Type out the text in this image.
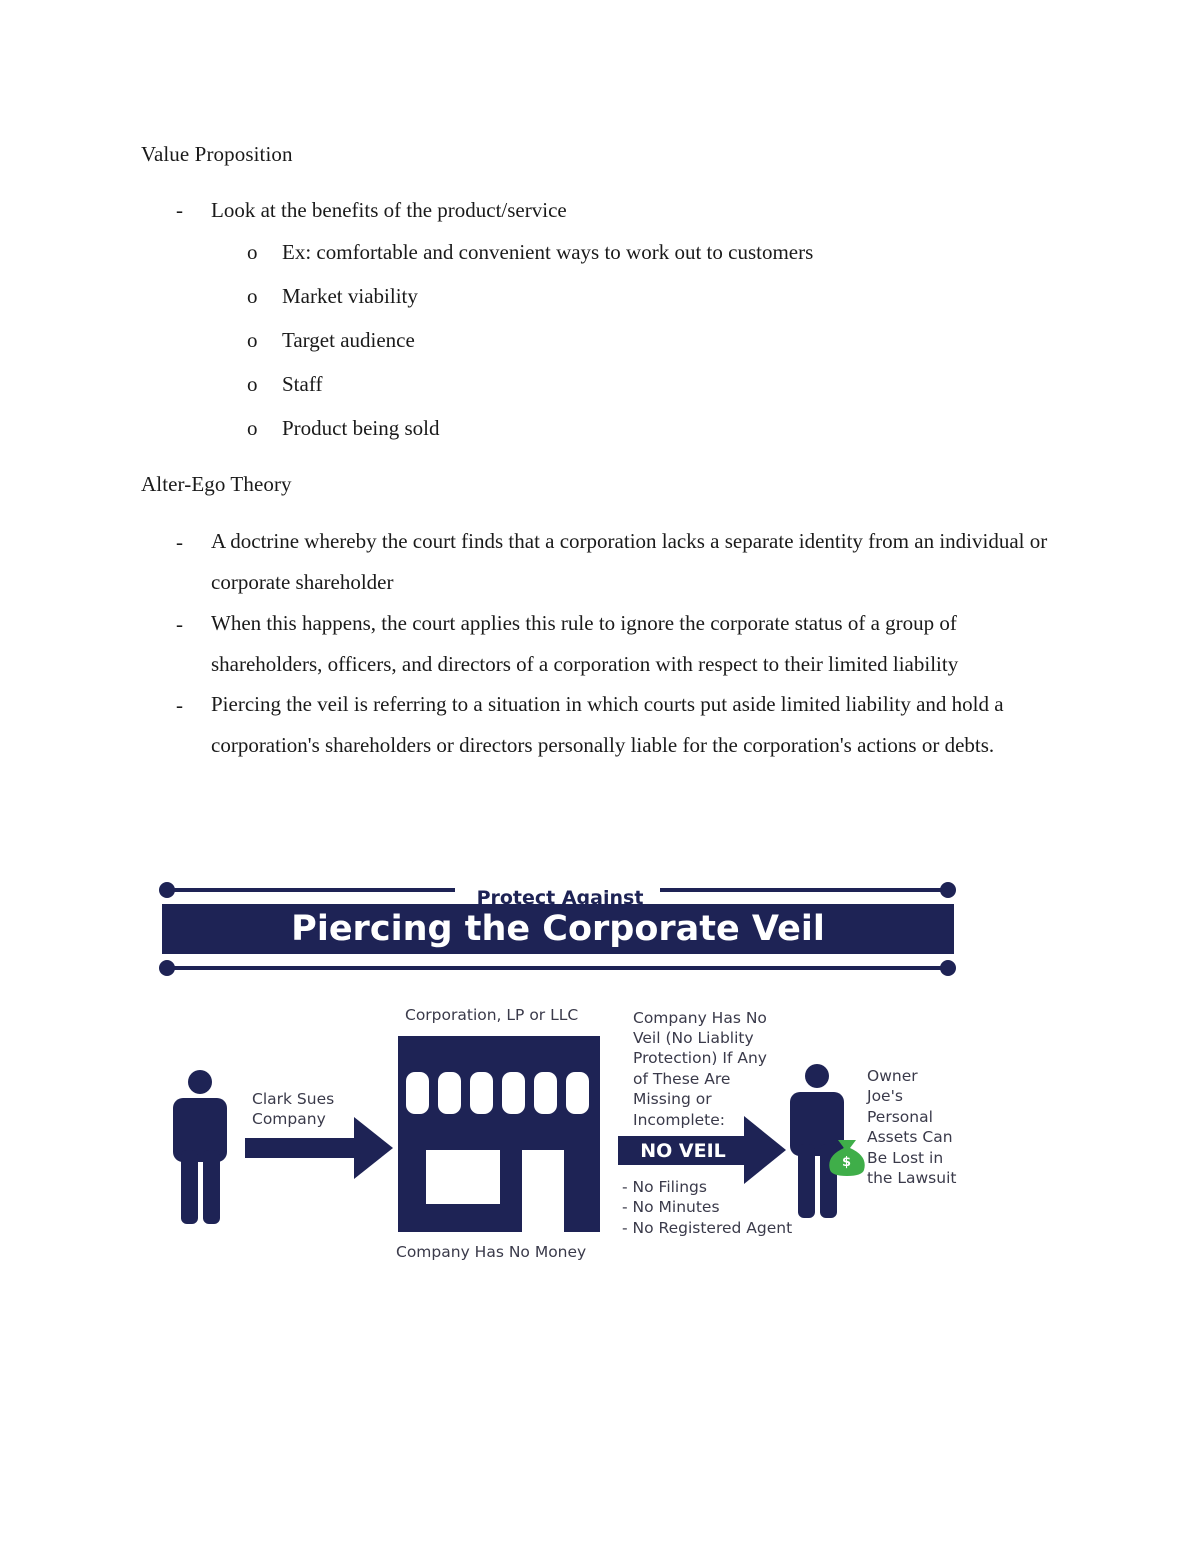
Value Proposition
- Look at the benefits of the product/service
o Ex: comfortable and convenient ways to work out to customers
o Market viability
o Target audience
o Staff
o Product being sold
Alter-Ego Theory
- A doctrine whereby the court finds that a corporation lacks a separate identity from an individual or corporate shareholder
- When this happens, the court applies this rule to ignore the corporate status of a group of shareholders, officers, and directors of a corporation with respect to their limited liability
- Piercing the veil is referring to a situation in which courts put aside limited liability and hold a corporation's shareholders or directors personally liable for the corporation's actions or debts.
Protect Against
Piercing the Corporate Veil
Corporation, LP or LLC
Clark Sues
Company
Company Has No Money
Company Has No
Veil (No Liablity
Protection) If Any
of These Are
Missing or
Incomplete:
NO VEIL
- No Filings
- No Minutes
- No Registered Agent
Owner
Joe's
Personal
Assets Can
Be Lost in
the Lawsuit
$
